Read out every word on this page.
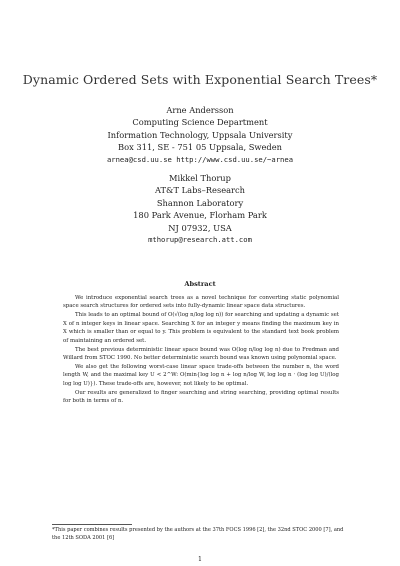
Dynamic Ordered Sets with Exponential Search Trees*
Arne Andersson
Computing Science Department
Information Technology, Uppsala University
Box 311, SE - 751 05 Uppsala, Sweden
arnea@csd.uu.se http://www.csd.uu.se/~arnea
Mikkel Thorup
AT&T Labs–Research
Shannon Laboratory
180 Park Avenue, Florham Park
NJ 07932, USA
mthorup@research.att.com
Abstract

We introduce exponential search trees as a novel technique for converting static polynomial space search structures for ordered sets into fully-dynamic linear space data structures.

This leads to an optimal bound of O(√(log n/log log n)) for searching and updating a dynamic set X of n integer keys in linear space. Searching X for an integer y means finding the maximum key in X which is smaller than or equal to y. This problem is equivalent to the standard text book problem of maintaining an ordered set.

The best previous deterministic linear space bound was O(log n/log log n) due to Fredman and Willard from STOC 1990. No better deterministic search bound was known using polynomial space.

We also get the following worst-case linear space trade-offs between the number n, the word length W, and the maximal key U < 2^W: O(min{log log n + log n/log W, log log n · (log log U)/(log log log U)}). These trade-offs are, however, not likely to be optimal.

Our results are generalized to finger searching and string searching, providing optimal results for both in terms of n.

*This paper combines results presented by the authors at the 37th FOCS 1996 [2], the 32nd STOC 2000 [7], and the 12th SODA 2001 [6]
1
